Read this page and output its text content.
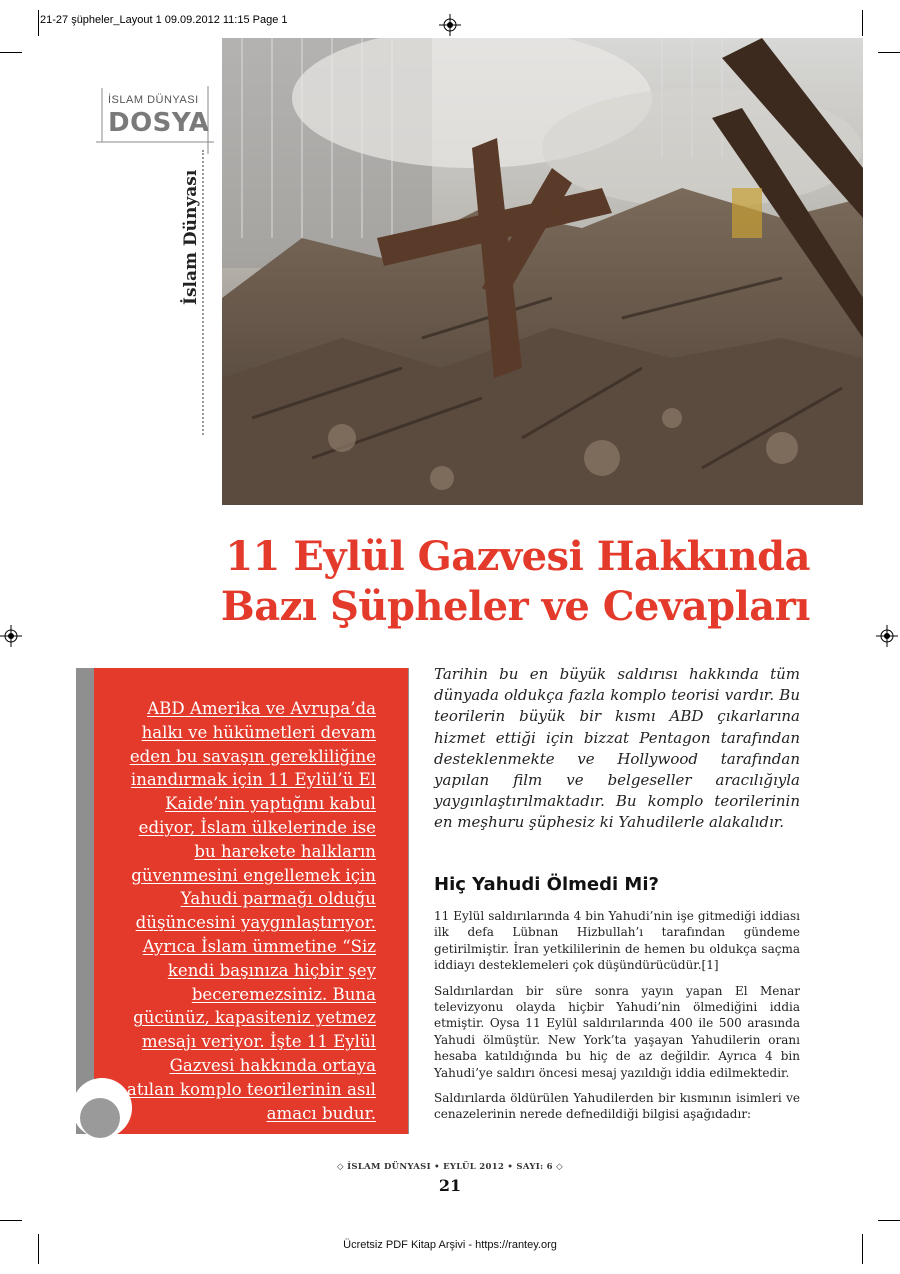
21-27 şüpheler_Layout 1 09.09.2012 11:15 Page 1
İSLAM DÜNYASI
DOSYA
İslam Dünyası
11 Eylül Gazvesi Hakkında
Bazı Şüpheler ve Cevapları
ABD Amerika ve Avrupa’da halkı ve hükümetleri devam eden bu savaşın gerekliliğine inandırmak için 11 Eylül’ü El Kaide’nin yaptığını kabul ediyor, İslam ülkelerinde ise bu harekete halkların güvenmesini engellemek için Yahudi parmağı olduğu düşüncesini yaygınlaştırıyor. Ayrıca İslam ümmetine “Siz kendi başınıza hiçbir şey beceremezsiniz. Buna gücünüz, kapasiteniz yetmez mesajı veriyor. İşte 11 Eylül Gazvesi hakkında ortaya atılan komplo teorilerinin asıl amacı budur.
Tarihin bu en büyük saldırısı hakkında tüm dünyada oldukça fazla komplo teorisi vardır. Bu teorilerin büyük bir kısmı ABD çıkarlarına hizmet ettiği için bizzat Pentagon tarafından desteklenmekte ve Hollywood tarafından yapılan film ve belgeseller aracılığıyla yaygınlaştırılmaktadır. Bu komplo teorilerinin en meşhuru şüphesiz ki Yahudilerle alakalıdır.
Hiç Yahudi Ölmedi Mi?

11 Eylül saldırılarında 4 bin Yahudi’nin işe gitmediği iddiası ilk defa Lübnan Hizbullah’ı tarafından gündeme getirilmiştir. İran yetkililerinin de hemen bu oldukça saçma iddiayı desteklemeleri çok düşündürücüdür.[1]

Saldırılardan bir süre sonra yayın yapan El Menar televizyonu olayda hiçbir Yahudi’nin ölmediğini iddia etmiştir. Oysa 11 Eylül saldırılarında 400 ile 500 arasında Yahudi ölmüştür. New York’ta yaşayan Yahudilerin oranı hesaba katıldığında bu hiç de az değildir. Ayrıca 4 bin Yahudi’ye saldırı öncesi mesaj yazıldığı iddia edilmektedir.

Saldırılarda öldürülen Yahudilerden bir kısmının isimleri ve cenazelerinin nerede defnedildiği bilgisi aşağıdadır:

◇ İSLAM DÜNYASI • EYLÜL 2012 • SAYI: 6 ◇
21
Ücretsiz PDF Kitap Arşivi - https://rantey.org
